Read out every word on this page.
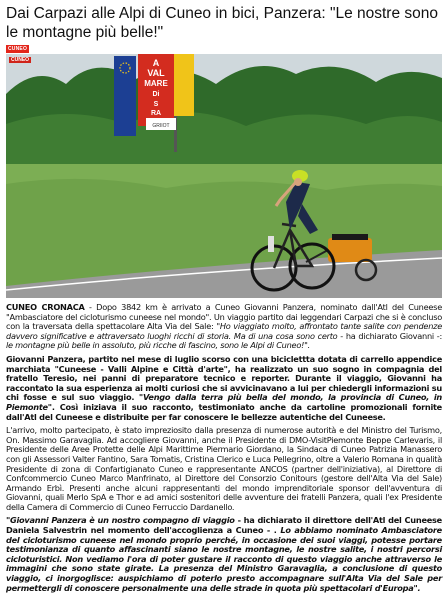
Dai Carpazi alle Alpi di Cuneo in bici, Panzera: "Le nostre sono le montagne più belle!"
CUNEO
A
VAL
MARE
Di
S
RA
GRIIOT
CUNEO

CUNEO CRONACA - Dopo 3842 km è arrivato a Cuneo Giovanni Panzera, nominato dall'Atl del Cuneese "Ambasciatore del cicloturismo cuneese nel mondo". Un viaggio partito dai leggendari Carpazi che si è concluso con la traversata della spettacolare Alta Via del Sale: "Ho viaggiato molto, affrontato tante salite con pendenze davvero significative e attraversato luoghi ricchi di storia. Ma di una cosa sono certo - ha dichiarato Giovanni -: le montagne più belle in assoluto, più ricche di fascino, sono le Alpi di Cuneo!".

Giovanni Panzera, partito nel mese di luglio scorso con una biciclettta dotata di carrello appendice marchiata "Cuneese - Valli Alpine e Città d'arte", ha realizzato un suo sogno in compagnia del fratello Teresio, nei panni di preparatore tecnico e reporter. Durante il viaggio, Giovanni ha raccontato la sua esperienza ai molti curiosi che si avvicinavano a lui per chiedergli informazioni su chi fosse e sul suo viaggio. "Vengo dalla terra più bella del mondo, la provincia di Cuneo, in Piemonte". Così iniziava il suo racconto, testimoniato anche da cartoline promozionali fornite dall'Atl del Cuneese e distribuite per far conoscere le bellezze autentiche del Cuneese.

L'arrivo, molto partecipato, è stato impreziosito dalla presenza di numerose autorità e del Ministro del Turismo, On. Massimo Garavaglia. Ad accogliere Giovanni, anche il Presidente di DMO-VisitPiemonte Beppe Carlevaris, il Presidente delle Aree Protette delle Alpi Marittime Piermario Giordano, la Sindaca di Cuneo Patrizia Manassero con gli Assessori Valter Fantino, Sara Tomatis, Cristina Clerico e Luca Pellegrino, oltre a Valerio Romana in qualità Presidente di zona di Confartigianato Cuneo e rappresentante ANCOS (partner dell'iniziativa), al Direttore di Confcommercio Cuneo Marco Manfrinato, al Direttore del Consorzio Conitours (gestore dell'Alta Via del Sale) Armando Erbì. Presenti anche alcuni rappresentanti del mondo imprenditoriale sponsor dell'avventura di Giovanni, quali Merlo SpA e Thor e ad amici sostenitori delle avventure dei fratelli Panzera, quali l'ex Presidente della Camera di Commercio di Cuneo Ferruccio Dardanello.

"Giovanni Panzera è un nostro compagno di viaggio - ha dichiarato il direttore dell'Atl del Cuneese Daniela Salvestrin nel momento dell'accoglienza a Cuneo - . Lo abbiamo nominato Ambasciatore del cicloturismo cuneese nel mondo proprio perché, in occasione dei suoi viaggi, potesse portare testimonianza di quanto affascinanti siano le nostre montagne, le nostre salite, i nostri percorsi cicloturistici. Non vediamo l'ora di poter gustare il racconto di questo viaggio anche attraverso le immagini che sono state girate. La presenza del Ministro Garavaglia, a conclusione di questo viaggio, ci inorgoglisce: auspichiamo di poterlo presto accompagnare sull'Alta Via del Sale per permettergli di conoscere personalmente una delle strade in quota più spettacolari d'Europa".
